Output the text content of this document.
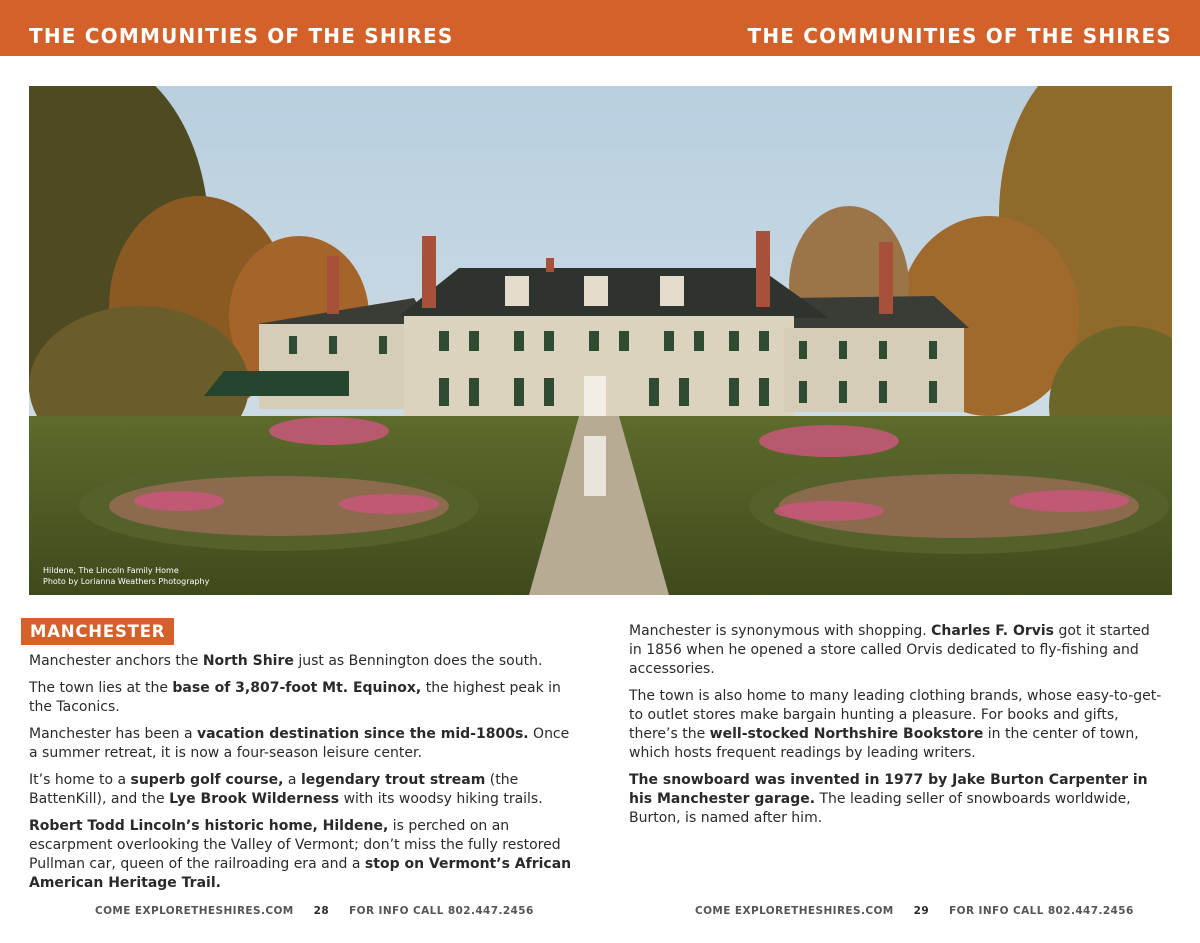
THE COMMUNITIES OF THE SHIRES	THE COMMUNITIES OF THE SHIRES
Hildene, The Lincoln Family Home
Photo by Lorianna Weathers Photography
MANCHESTER

Manchester anchors the North Shire just as Bennington does the south.

The town lies at the base of 3,807-foot Mt. Equinox, the highest peak in the Taconics.

Manchester has been a vacation destination since the mid-1800s. Once a summer retreat, it is now a four-season leisure center.

It’s home to a superb golf course, a legendary trout stream (the BattenKill), and the Lye Brook Wilderness with its woodsy hiking trails.

Robert Todd Lincoln’s historic home, Hildene, is perched on an escarpment overlooking the Valley of Vermont; don’t miss the fully restored Pullman car, queen of the railroading era and a stop on Vermont’s African American Heritage Trail.

Manchester is synonymous with shopping. Charles F. Orvis got it started in 1856 when he opened a store called Orvis dedicated to fly-fishing and accessories.

The town is also home to many leading clothing brands, whose easy-to-get-to outlet stores make bargain hunting a pleasure. For books and gifts, there’s the well-stocked Northshire Bookstore in the center of town, which hosts frequent readings by leading writers.

The snowboard was invented in 1977 by Jake Burton Carpenter in his Manchester garage. The leading seller of snowboards worldwide, Burton, is named after him.

COME EXPLORETHESHIRES.COM 28 FOR INFO CALL 802.447.2456	COME EXPLORETHESHIRES.COM 29 FOR INFO CALL 802.447.2456
